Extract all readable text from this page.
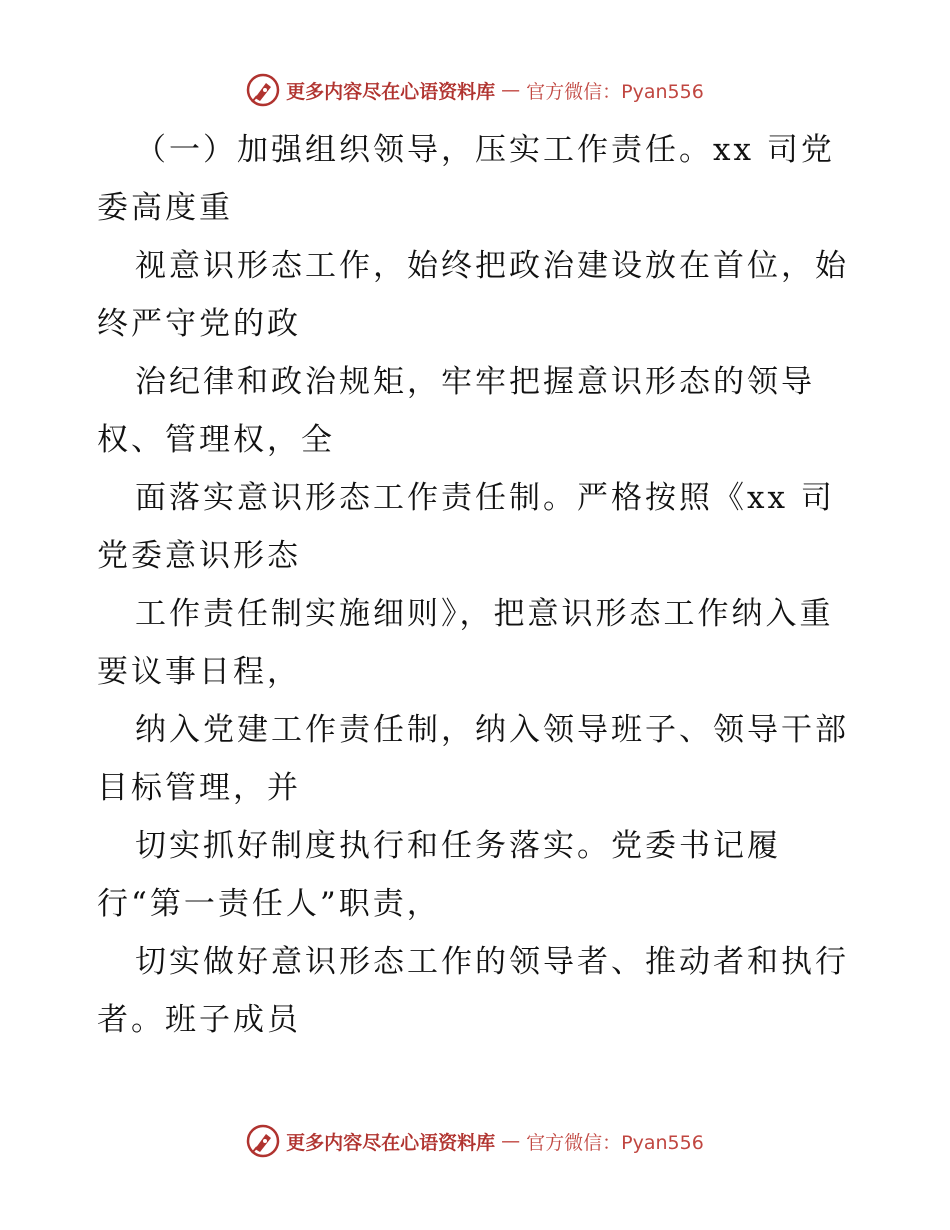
更多内容尽在心语资料库 — 官方微信：Pyan556

（一）加强组织领导，压实工作责任。xx 司党

委高度重

视意识形态工作，始终把政治建设放在首位，始

终严守党的政

治纪律和政治规矩，牢牢把握意识形态的领导

权、管理权，全

面落实意识形态工作责任制。严格按照《xx 司

党委意识形态

工作责任制实施细则》，把意识形态工作纳入重

要议事日程，

纳入党建工作责任制，纳入领导班子、领导干部

目标管理，并

切实抓好制度执行和任务落实。党委书记履

行“第一责任人”职责，

切实做好意识形态工作的领导者、推动者和执行

者。班子成员

更多内容尽在心语资料库 — 官方微信：Pyan556
